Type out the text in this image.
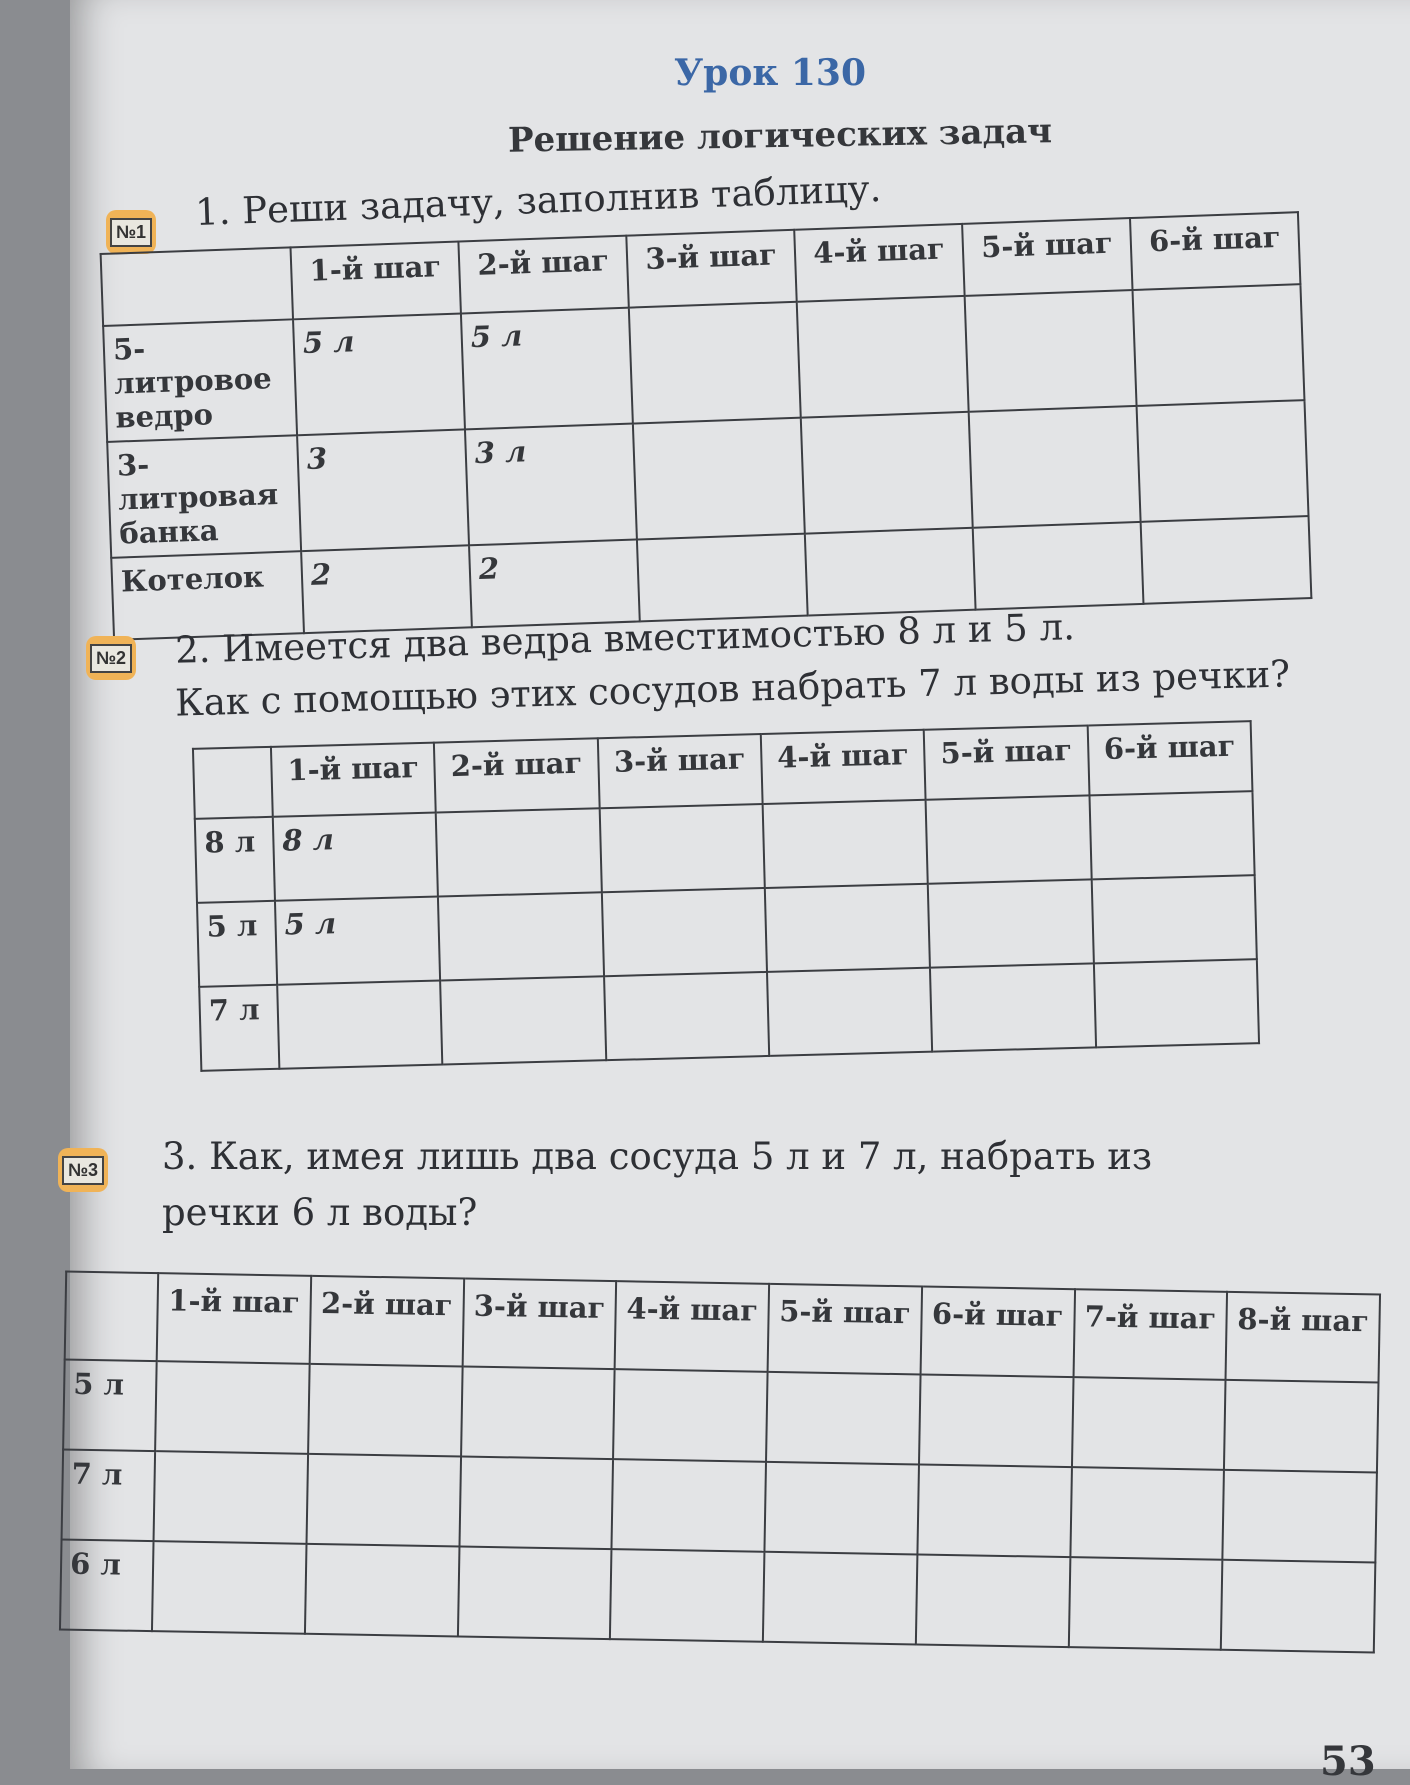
Урок 130
Решение логических задач
№1 1. Реши задачу, заполнив таблицу.
	1-й шаг	2-й шаг	3-й шаг	4-й шаг	5-й шаг	6-й шаг
5-литровое ведро	5 л	5 л				
3-литровая банка	3	3 л				
Котелок	2	2				
№2 2. Имеется два ведра вместимостью 8 л и 5 л.
Как с помощью этих сосудов набрать 7 л воды из речки?
	1-й шаг	2-й шаг	3-й шаг	4-й шаг	5-й шаг	6-й шаг
8 л	8 л					
5 л	5 л					
7 л						
№3 3. Как, имея лишь два сосуда 5 л и 7 л, набрать из
речки 6 л воды?
	1-й шаг	2-й шаг	3-й шаг	4-й шаг	5-й шаг	6-й шаг	7-й шаг	8-й шаг
5 л								
7 л								
6 л								
53
